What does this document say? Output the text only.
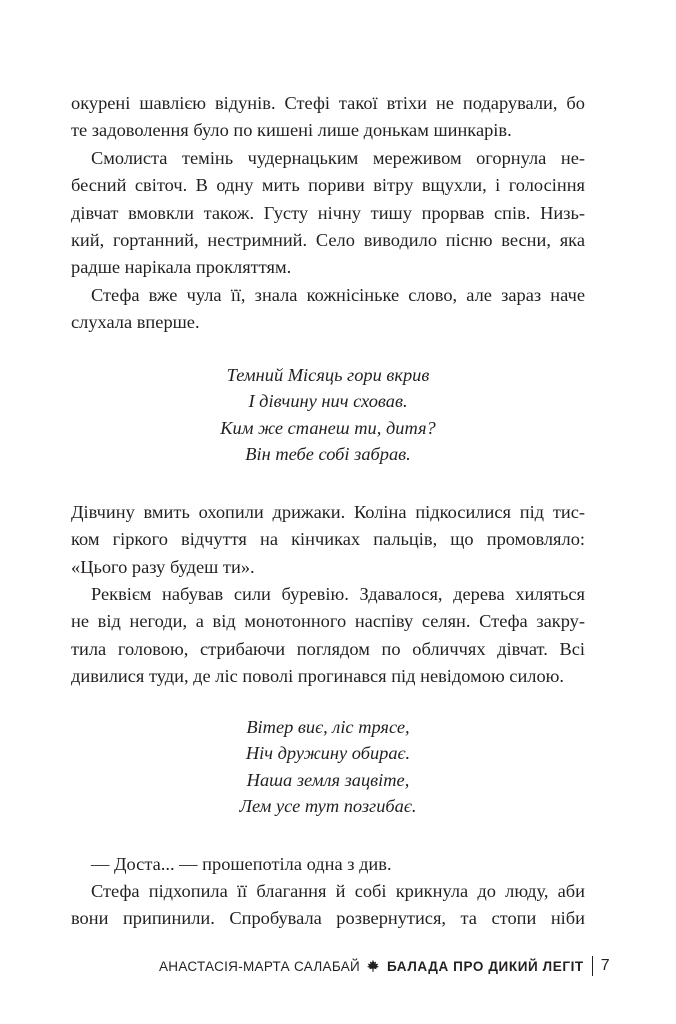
окурені шавлією відунів. Стефі такої втіхи не подарували, бо
те задоволення було по кишені лише донькам шинкарів.
Смолиста темінь чудернацьким мереживом огорнула не-
бесний світоч. В одну мить пориви вітру вщухли, і голосіння
дівчат вмовкли також. Густу нічну тишу прорвав спів. Низь-
кий, гортанний, нестримний. Село виводило пісню весни, яка
радше нарікала прокляттям.
Стефа вже чула її, знала кожнісіньке слово, але зараз наче
слухала вперше.
Темний Місяць гори вкрив
І дівчину нич сховав.
Ким же станеш ти, дитя?
Він тебе собі забрав.
Дівчину вмить охопили дрижаки. Коліна підкосилися під тис-
ком гіркого відчуття на кінчиках пальців, що промовляло:
«Цього разу будеш ти».
Реквієм набував сили буревію. Здавалося, дерева хиляться
не від негоди, а від монотонного наспіву селян. Стефа закру-
тила головою, стрибаючи поглядом по обличчях дівчат. Всі
дивилися туди, де ліс поволі прогинався під невідомою силою.
Вітер виє, ліс трясе,
Ніч дружину обирає.
Наша земля зацвіте,
Лем усе тут позгибає.
— Доста... — прошепотіла одна з див.
Стефа підхопила її благання й собі крикнула до люду, аби
вони припинили. Спробувала розвернутися, та стопи ніби
АНАСТАСІЯ-МАРТА САЛАБАЙ БАЛАДА ПРО ДИКИЙ ЛЕГІТ 7
